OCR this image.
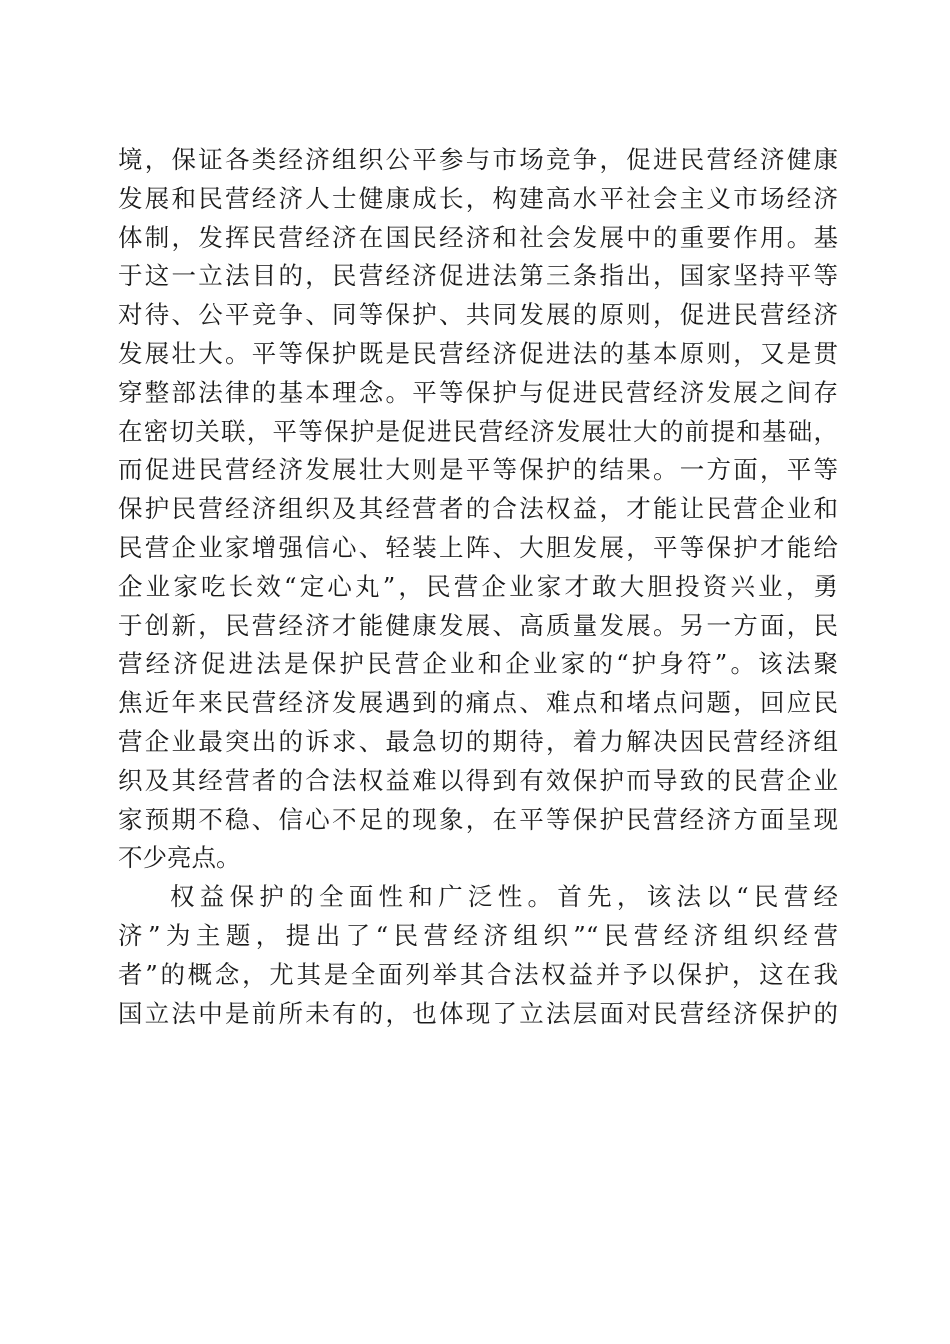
境，保证各类经济组织公平参与市场竞争，促进民营经济健康
发展和民营经济人士健康成长，构建高水平社会主义市场经济
体制，发挥民营经济在国民经济和社会发展中的重要作用。基
于这一立法目的，民营经济促进法第三条指出，国家坚持平等
对待、公平竞争、同等保护、共同发展的原则，促进民营经济
发展壮大。平等保护既是民营经济促进法的基本原则，又是贯
穿整部法律的基本理念。平等保护与促进民营经济发展之间存
在密切关联，平等保护是促进民营经济发展壮大的前提和基础，
而促进民营经济发展壮大则是平等保护的结果。一方面，平等
保护民营经济组织及其经营者的合法权益，才能让民营企业和
民营企业家增强信心、轻装上阵、大胆发展，平等保护才能给
企业家吃长效“定心丸”，民营企业家才敢大胆投资兴业，勇
于创新，民营经济才能健康发展、高质量发展。另一方面，民
营经济促进法是保护民营企业和企业家的“护身符”。该法聚
焦近年来民营经济发展遇到的痛点、难点和堵点问题，回应民
营企业最突出的诉求、最急切的期待，着力解决因民营经济组
织及其经营者的合法权益难以得到有效保护而导致的民营企业
家预期不稳、信心不足的现象，在平等保护民营经济方面呈现
不少亮点。
权益保护的全面性和广泛性。首先，该法以“民营经
济”为主题，提出了“民营经济组织”“民营经济组织经营
者”的概念，尤其是全面列举其合法权益并予以保护，这在我
国立法中是前所未有的，也体现了立法层面对民营经济保护的
